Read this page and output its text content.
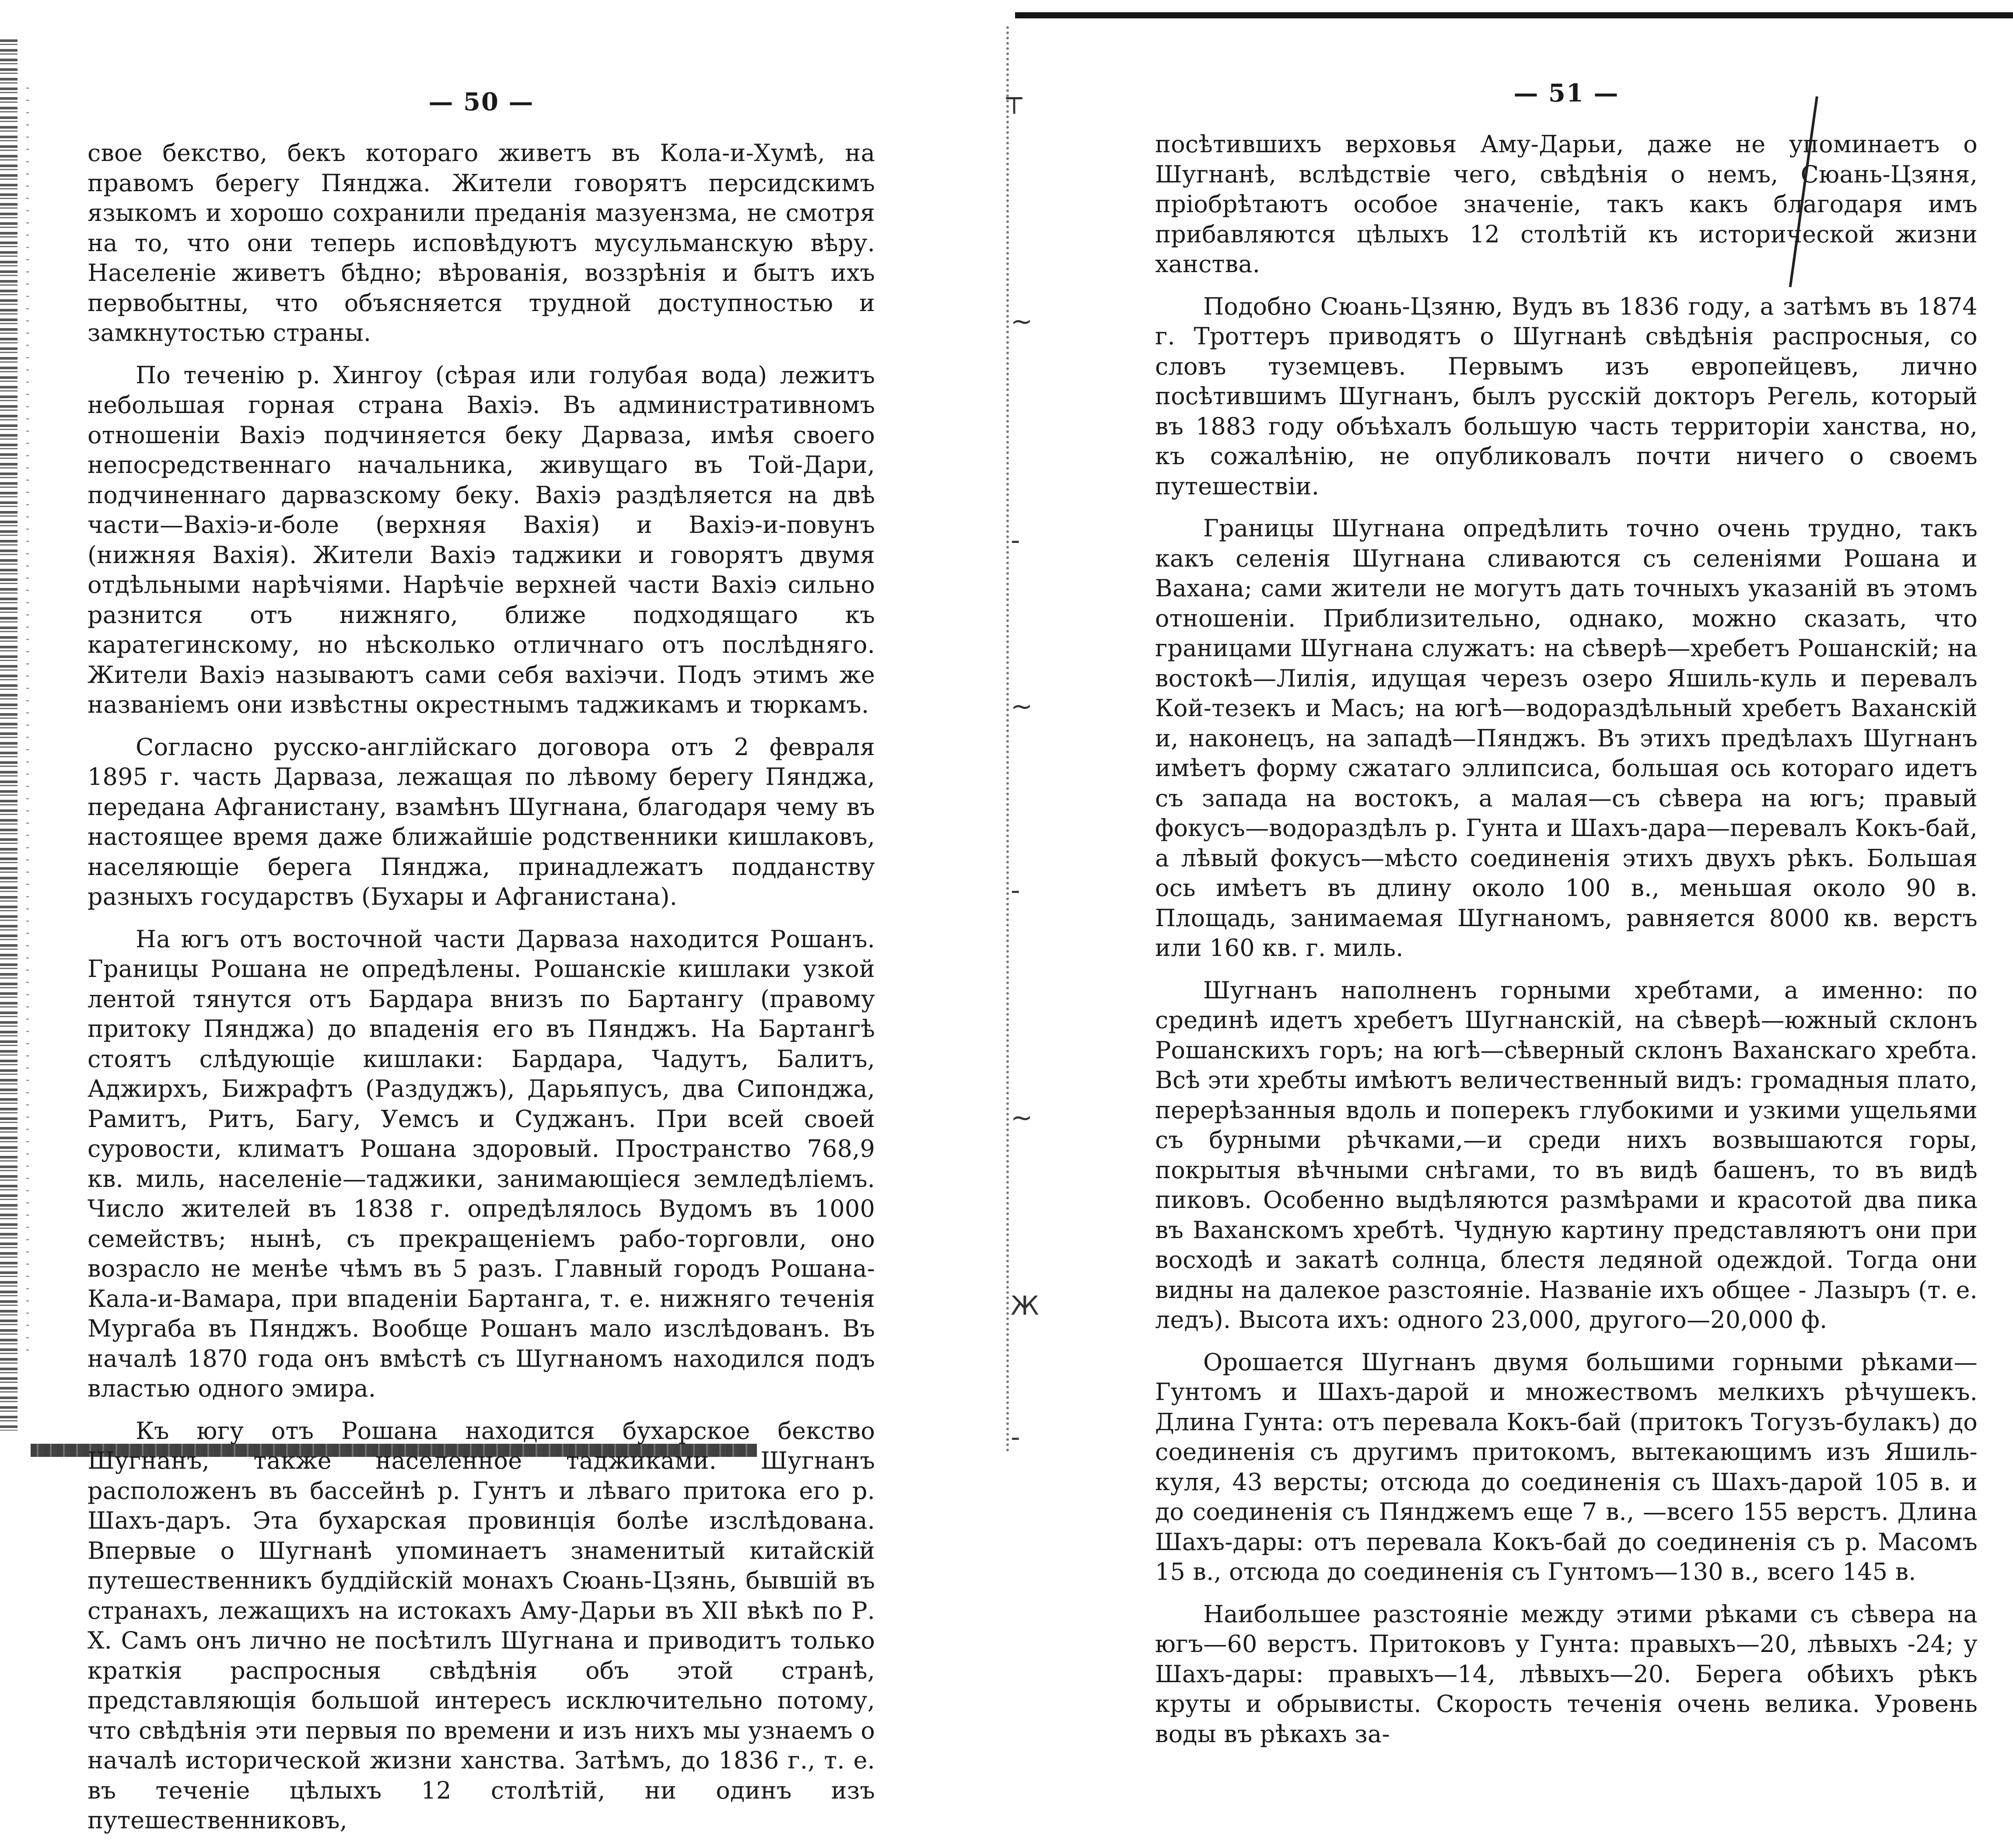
┬
~
-
~
-
~
Ж
-
— 50 —

свое бекство, бекъ котораго живетъ въ Кола-и-Хумѣ, на правомъ берегу Пянджа. Жители говорятъ персидскимъ языкомъ и хорошо сохранили преданія мазуензма, не смотря на то, что они теперь исповѣдуютъ мусульманскую вѣру. Населеніе живетъ бѣдно; вѣрованія, воззрѣнія и бытъ ихъ первобытны, что объясняется трудной доступностью и замкнутостью страны.

По теченію р. Хингоу (сѣрая или голубая вода) лежитъ небольшая горная страна Вахіэ. Въ административномъ отношеніи Вахіэ подчиняется беку Дарваза, имѣя своего непосредственнаго начальника, живущаго въ Той-Дари, подчиненнаго дарвазскому беку. Вахіэ раздѣляется на двѣ части—Вахіэ-и-боле (верхняя Вахія) и Вахіэ-и-повунъ (нижняя Вахія). Жители Вахіэ таджики и говорятъ двумя отдѣльными нарѣчіями. Нарѣчіе верхней части Вахіэ сильно разнится отъ нижняго, ближе подходящаго къ каратегинскому, но нѣсколько отличнаго отъ послѣдняго. Жители Вахіэ называютъ сами себя вахіэчи. Подъ этимъ же названіемъ они извѣстны окрестнымъ таджикамъ и тюркамъ.

Согласно русско-англійскаго договора отъ 2 февраля 1895 г. часть Дарваза, лежащая по лѣвому берегу Пянджа, передана Афганистану, взамѣнъ Шугнана, благодаря чему въ настоящее время даже ближайшіе родственники кишлаковъ, населяющіе берега Пянджа, принадлежатъ подданству разныхъ государствъ (Бухары и Афганистана).

На югъ отъ восточной части Дарваза находится Рошанъ. Границы Рошана не опредѣлены. Рошанскіе кишлаки узкой лентой тянутся отъ Бардара внизъ по Бартангу (правому притоку Пянджа) до впаденія его въ Пянджъ. На Бартангѣ стоятъ слѣдующіе кишлаки: Бардара, Чадутъ, Балитъ, Аджирхъ, Бижрафтъ (Раздуджъ), Дарьяпусъ, два Сипонджа, Рамитъ, Ритъ, Багу, Уемсъ и Суджанъ. При всей своей суровости, климатъ Рошана здоровый. Пространство 768,9 кв. миль, населеніе—таджики, занимающіеся земледѣліемъ. Число жителей въ 1838 г. опредѣлялось Вудомъ въ 1000 семействъ; нынѣ, съ прекращеніемъ рабо-торговли, оно возрасло не менѣе чѣмъ въ 5 разъ. Главный городъ Рошана-Кала-и-Вамара, при впаденіи Бартанга, т. е. нижняго теченія Мургаба въ Пянджъ. Вообще Рошанъ мало изслѣдованъ. Въ началѣ 1870 года онъ вмѣстѣ съ Шугнаномъ находился подъ властью одного эмира.

Къ югу отъ Рошана находится бухарское бекство Шугнанъ, также населенное таджиками. Шугнанъ расположенъ въ бассейнѣ р. Гунтъ и лѣваго притока его р. Шахъ-даръ. Эта бухарская провинція болѣе изслѣдована. Впервые о Шугнанѣ упоминаетъ знаменитый китайскій путешественникъ буддійскій монахъ Сюань-Цзянь, бывшій въ странахъ, лежащихъ на истокахъ Аму-Дарьи въ XII вѣкѣ по Р. Х. Самъ онъ лично не посѣтилъ Шугнана и приводитъ только краткія распросныя свѣдѣнія объ этой странѣ, представляющія большой интересъ исключительно потому, что свѣдѣнія эти первыя по времени и изъ нихъ мы узнаемъ о началѣ исторической жизни ханства. Затѣмъ, до 1836 г., т. е. въ теченіе цѣлыхъ 12 столѣтій, ни одинъ изъ путешественниковъ,

— 51 —

посѣтившихъ верховья Аму-Дарьи, даже не упоминаетъ о Шугнанѣ, вслѣдствіе чего, свѣдѣнія о немъ, Сюань-Цзяня, пріобрѣтаютъ особое значеніе, такъ какъ благодаря имъ прибавляются цѣлыхъ 12 столѣтій къ исторической жизни ханства.

Подобно Сюань-Цзяню, Вудъ въ 1836 году, а затѣмъ въ 1874 г. Троттеръ приводятъ о Шугнанѣ свѣдѣнія распросныя, со словъ туземцевъ. Первымъ изъ европейцевъ, лично посѣтившимъ Шугнанъ, былъ русскій докторъ Регель, который въ 1883 году объѣхалъ большую часть территоріи ханства, но, къ сожалѣнію, не опубликовалъ почти ничего о своемъ путешествіи.

Границы Шугнана опредѣлить точно очень трудно, такъ какъ селенія Шугнана сливаются съ селеніями Рошана и Вахана; сами жители не могутъ дать точныхъ указаній въ этомъ отношеніи. Приблизительно, однако, можно сказать, что границами Шугнана служатъ: на сѣверѣ—хребетъ Рошанскій; на востокѣ—Лилія, идущая черезъ озеро Яшиль-куль и перевалъ Кой-тезекъ и Масъ; на югѣ—водораздѣльный хребетъ Ваханскій и, наконецъ, на западѣ—Пянджъ. Въ этихъ предѣлахъ Шугнанъ имѣетъ форму сжатаго эллипсиса, большая ось котораго идетъ съ запада на востокъ, а малая—съ сѣвера на югъ; правый фокусъ—водораздѣлъ р. Гунта и Шахъ-дара—перевалъ Кокъ-бай, а лѣвый фокусъ—мѣсто соединенія этихъ двухъ рѣкъ. Большая ось имѣетъ въ длину около 100 в., меньшая около 90 в. Площадь, занимаемая Шугнаномъ, равняется 8000 кв. верстъ или 160 кв. г. миль.

Шугнанъ наполненъ горными хребтами, а именно: по срединѣ идетъ хребетъ Шугнанскій, на сѣверѣ—южный склонъ Рошанскихъ горъ; на югѣ—сѣверный склонъ Ваханскаго хребта. Всѣ эти хребты имѣютъ величественный видъ: громадныя плато, перерѣзанныя вдоль и поперекъ глубокими и узкими ущельями съ бурными рѣчками,—и среди нихъ возвышаются горы, покрытыя вѣчными снѣгами, то въ видѣ башенъ, то въ видѣ пиковъ. Особенно выдѣляются размѣрами и красотой два пика въ Ваханскомъ хребтѣ. Чудную картину представляютъ они при восходѣ и закатѣ солнца, блестя ледяной одеждой. Тогда они видны на далекое разстояніе. Названіе ихъ общее - Лазыръ (т. е. ледъ). Высота ихъ: одного 23,000, другого—20,000 ф.

Орошается Шугнанъ двумя большими горными рѣками—Гунтомъ и Шахъ-дарой и множествомъ мелкихъ рѣчушекъ. Длина Гунта: отъ перевала Кокъ-бай (притокъ Тогузъ-булакъ) до соединенія съ другимъ притокомъ, вытекающимъ изъ Яшиль-куля, 43 версты; отсюда до соединенія съ Шахъ-дарой 105 в. и до соединенія съ Пянджемъ еще 7 в., —всего 155 верстъ. Длина Шахъ-дары: отъ перевала Кокъ-бай до соединенія съ р. Масомъ 15 в., отсюда до соединенія съ Гунтомъ—130 в., всего 145 в.

Наибольшее разстояніе между этими рѣками съ сѣвера на югъ—60 верстъ. Притоковъ у Гунта: правыхъ—20, лѣвыхъ -24; у Шахъ-дары: правыхъ—14, лѣвыхъ—20. Берега обѣихъ рѣкъ круты и обрывисты. Скорость теченія очень велика. Уровень воды въ рѣкахъ за-
